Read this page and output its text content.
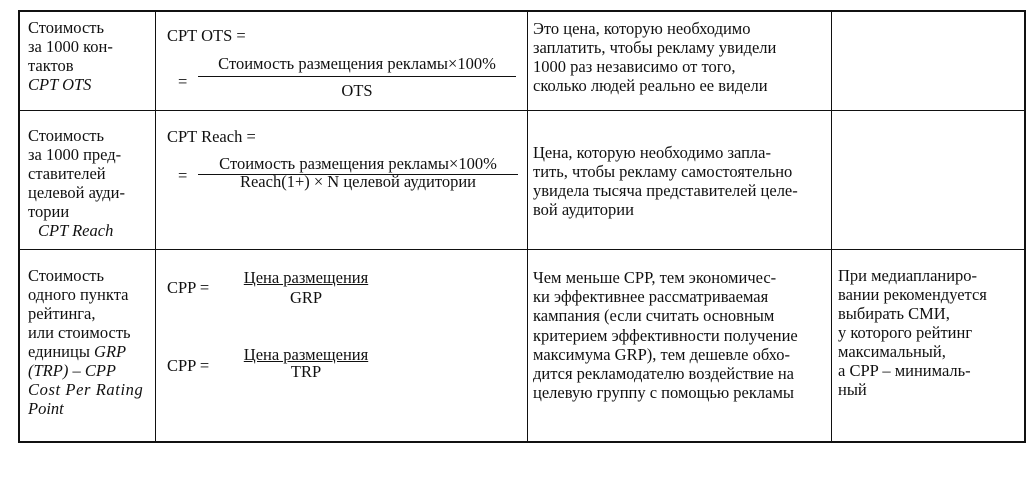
Стоимость
за 1000 кон-
тактов
CPT OTS
CPT OTS =
=
Стоимость размещения рекламы×100%
OTS
Это цена, которую необходимо
заплатить, чтобы рекламу увидели
1000 раз независимо от того,
сколько людей реально ее видели
Стоимость
за 1000 пред-
ставителей
целевой ауди-
тории
CPT Reach
CPT Reach =
=
Стоимость размещения рекламы×100%
Reach(1+) × N целевой аудитории
Цена, которую необходимо запла-
тить, чтобы рекламу самостоятельно
увидела тысяча представителей целе-
вой аудитории
Стоимость
одного пункта
рейтинга,
или стоимость
единицы GRP
(TRP) – CPP
Cost Per Rating
Point
CPP =
Цена размещения
GRP
CPP =
Цена размещения
TRP
Чем меньше CPP, тем экономичес-
ки эффективнее рассматриваемая
кампания (если считать основным
критерием эффективности получение
максимума GRP), тем дешевле обхо-
дится рекламодателю воздействие на
целевую группу с помощью рекламы
При медиапланиро-
вании рекомендуется
выбирать СМИ,
у которого рейтинг
максимальный,
а CPP – минималь-
ный
